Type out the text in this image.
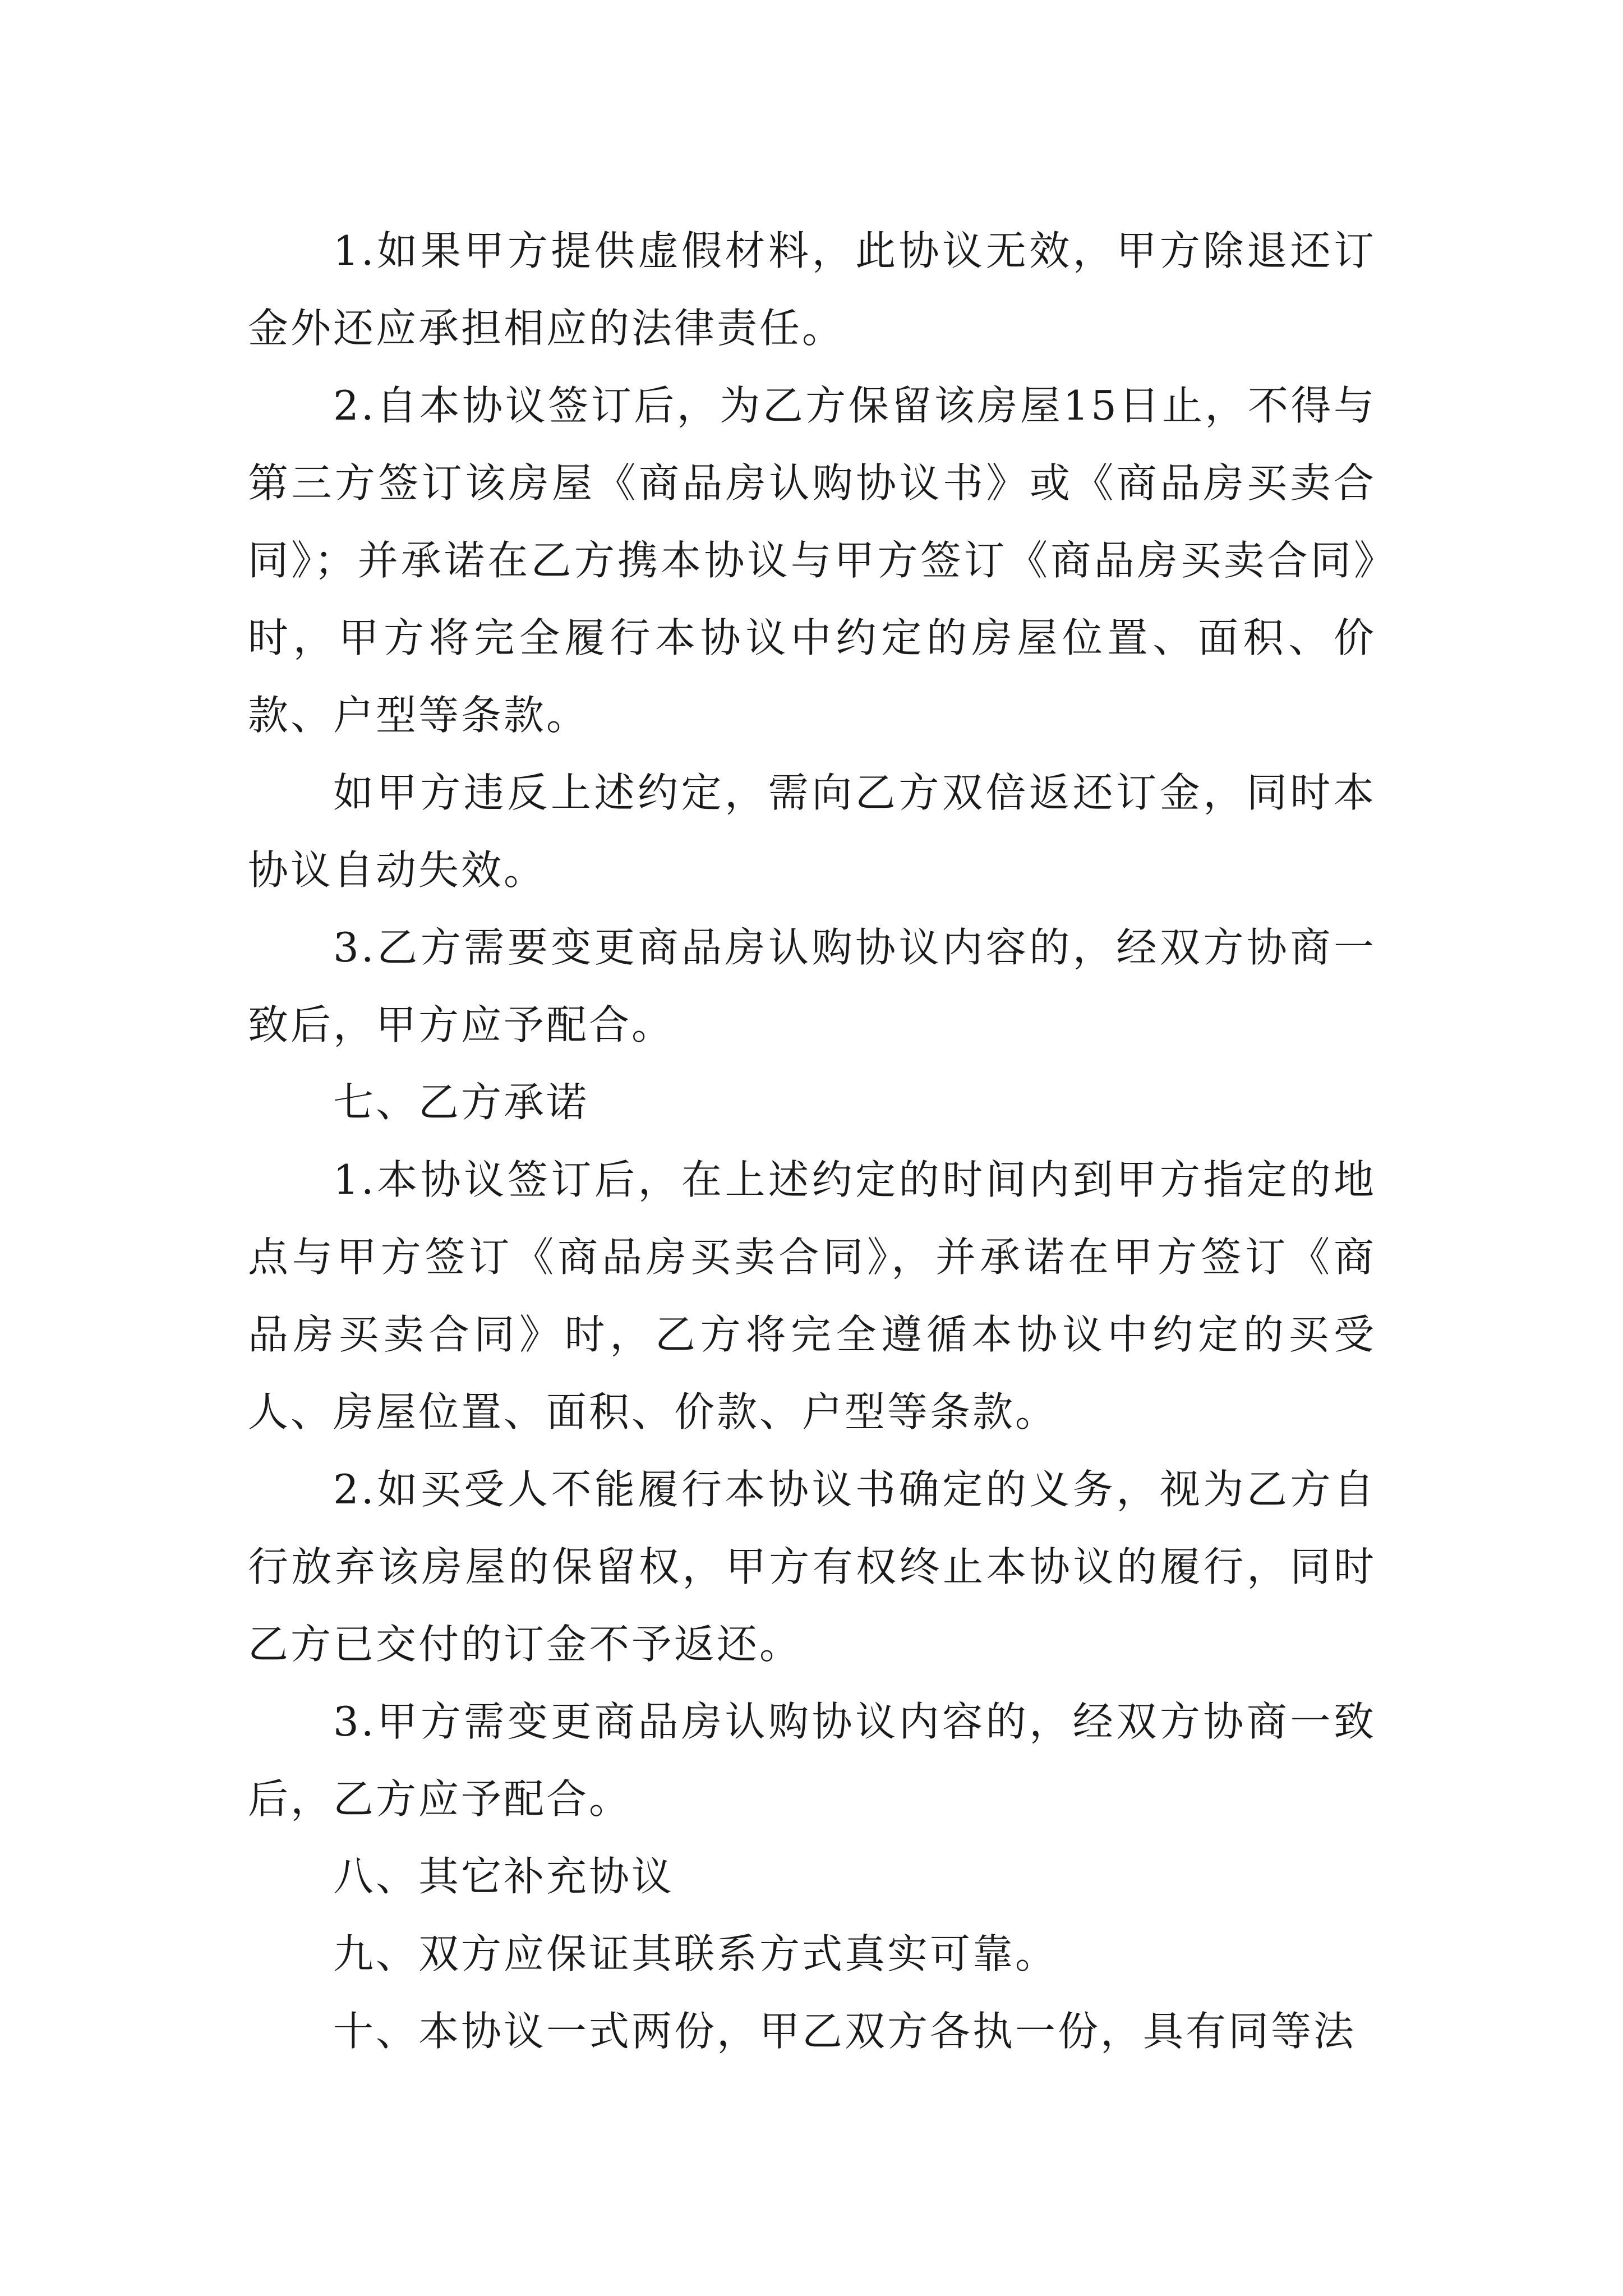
1.如果甲方提供虚假材料，此协议无效，甲方除退还订金外还应承担相应的法律责任。

2.自本协议签订后，为乙方保留该房屋15日止，不得与第三方签订该房屋《商品房认购协议书》或《商品房买卖合同》；并承诺在乙方携本协议与甲方签订《商品房买卖合同》时，甲方将完全履行本协议中约定的房屋位置、面积、价款、户型等条款。

如甲方违反上述约定，需向乙方双倍返还订金，同时本协议自动失效。

3.乙方需要变更商品房认购协议内容的，经双方协商一致后，甲方应予配合。

七、乙方承诺

1.本协议签订后，在上述约定的时间内到甲方指定的地点与甲方签订《商品房买卖合同》，并承诺在甲方签订《商品房买卖合同》时，乙方将完全遵循本协议中约定的买受人、房屋位置、面积、价款、户型等条款。

2.如买受人不能履行本协议书确定的义务，视为乙方自行放弃该房屋的保留权，甲方有权终止本协议的履行，同时乙方已交付的订金不予返还。

3.甲方需变更商品房认购协议内容的，经双方协商一致后，乙方应予配合。

八、其它补充协议

九、双方应保证其联系方式真实可靠。

十、本协议一式两份，甲乙双方各执一份，具有同等法
